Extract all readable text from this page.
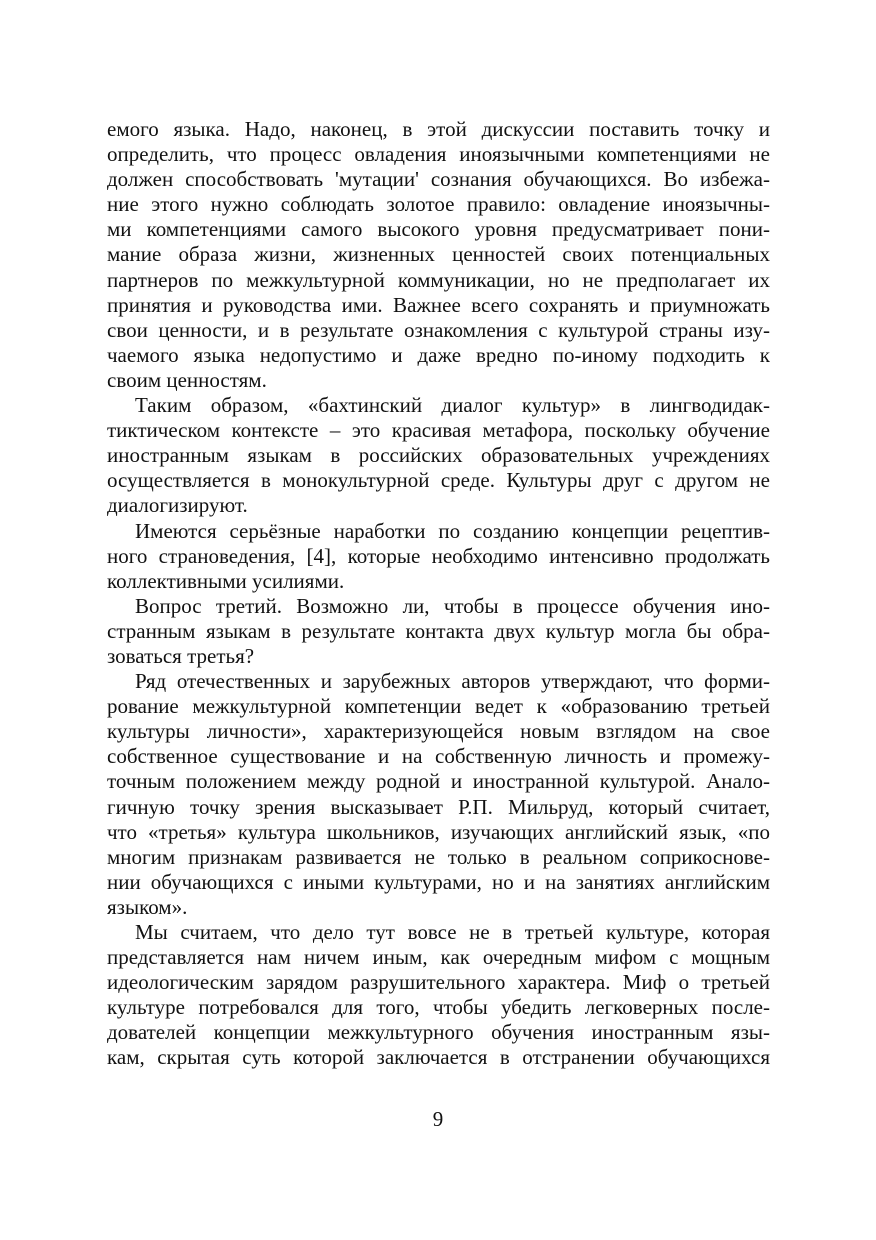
емого языка. Надо, наконец, в этой дискуссии поставить точку и
определить, что процесс овладения иноязычными компетенциями не
должен способствовать 'мутации' сознания обучающихся. Во избежа-
ние этого нужно соблюдать золотое правило: овладение иноязычны-
ми компетенциями самого высокого уровня предусматривает пони-
мание образа жизни, жизненных ценностей своих потенциальных
партнеров по межкультурной коммуникации, но не предполагает их
принятия и руководства ими. Важнее всего сохранять и приумножать
свои ценности, и в результате ознакомления с культурой страны изу-
чаемого языка недопустимо и даже вредно по-иному подходить к
своим ценностям.
Таким образом, «бахтинский диалог культур» в лингводидак-
тиктическом контексте – это красивая метафора, поскольку обучение
иностранным языкам в российских образовательных учреждениях
осуществляется в монокультурной среде. Культуры друг с другом не
диалогизируют.
Имеются серьёзные наработки по созданию концепции рецептив-
ного страноведения, [4], которые необходимо интенсивно продолжать
коллективными усилиями.
Вопрос третий. Возможно ли, чтобы в процессе обучения ино-
странным языкам в результате контакта двух культур могла бы обра-
зоваться третья?
Ряд отечественных и зарубежных авторов утверждают, что форми-
рование межкультурной компетенции ведет к «образованию третьей
культуры личности», характеризующейся новым взглядом на свое
собственное существование и на собственную личность и промежу-
точным положением между родной и иностранной культурой. Анало-
гичную точку зрения высказывает Р.П. Мильруд, который считает,
что «третья» культура школьников, изучающих английский язык, «по
многим признакам развивается не только в реальном соприкоснове-
нии обучающихся с иными культурами, но и на занятиях английским
языком».
Мы считаем, что дело тут вовсе не в третьей культуре, которая
представляется нам ничем иным, как очередным мифом с мощным
идеологическим зарядом разрушительного характера. Миф о третьей
культуре потребовался для того, чтобы убедить легковерных после-
дователей концепции межкультурного обучения иностранным язы-
кам, скрытая суть которой заключается в отстранении обучающихся
9
